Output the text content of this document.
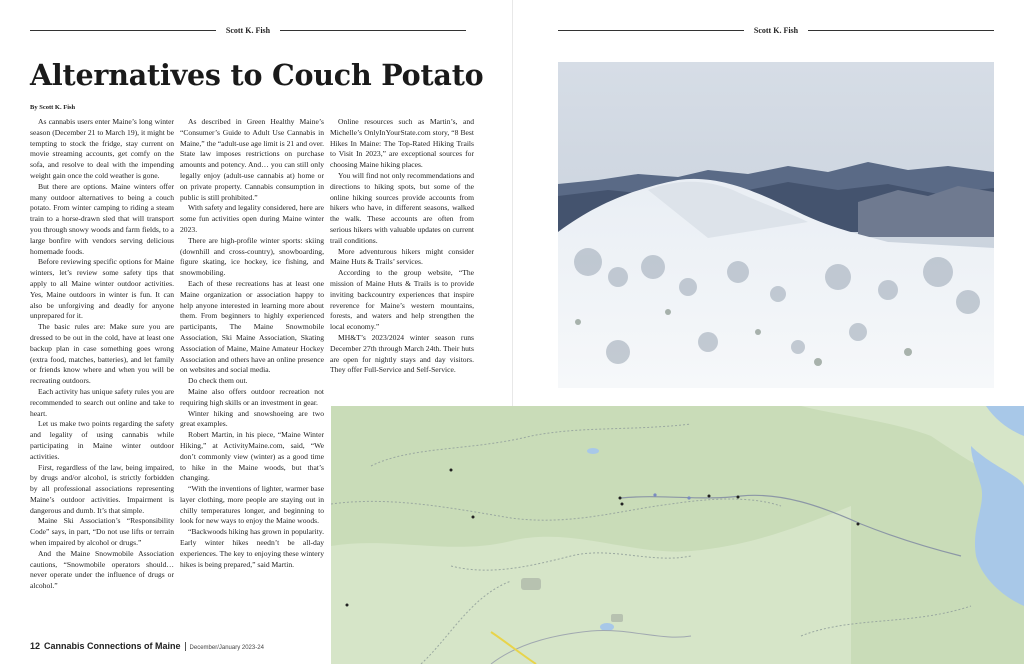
Scott K. Fish	Scott K. Fish
Alternatives to Couch Potato

By Scott K. Fish

As cannabis users enter Maine’s long winter season (December 21 to March 19), it might be tempting to stock the fridge, stay current on movie streaming accounts, get comfy on the sofa, and resolve to deal with the impending weight gain once the cold weather is gone.

But there are options. Maine winters offer many outdoor alternatives to being a couch potato. From winter camping to riding a steam train to a horse-drawn sled that will transport you through snowy woods and farm fields, to a large bonfire with vendors serving delicious homemade foods.

Before reviewing specific options for Maine winters, let’s review some safety tips that apply to all Maine winter outdoor activities. Yes, Maine outdoors in winter is fun. It can also be unforgiving and deadly for anyone unprepared for it.

The basic rules are: Make sure you are dressed to be out in the cold, have at least one backup plan in case something goes wrong (extra food, matches, batteries), and let family or friends know where and when you will be recreating outdoors.

Each activity has unique safety rules you are recommended to search out online and take to heart.

Let us make two points regarding the safety and legality of using cannabis while participating in Maine winter outdoor activities.

First, regardless of the law, being impaired, by drugs and/or alcohol, is strictly forbidden by all professional associations representing Maine’s outdoor activities. Impairment is dangerous and dumb. It’s that simple.

Maine Ski Association’s “Responsibility Code” says, in part, “Do not use lifts or terrain when impaired by alcohol or drugs.”

And the Maine Snowmobile Association cautions, “Snowmobile operators should… never operate under the influence of drugs or alcohol.”

As described in Green Healthy Maine’s “Consumer’s Guide to Adult Use Cannabis in Maine,” the “adult-use age limit is 21 and over. State law imposes restrictions on purchase amounts and potency. And… you can still only legally enjoy (adult-use cannabis at) home or on private property. Cannabis consumption in public is still prohibited.”

With safety and legality considered, here are some fun activities open during Maine winter 2023.

There are high-profile winter sports: skiing (downhill and cross-country), snowboarding, figure skating, ice hockey, ice fishing, and snowmobiling.

Each of these recreations has at least one Maine organization or association happy to help anyone interested in learning more about them. From beginners to highly experienced participants, The Maine Snowmobile Association, Ski Maine Association, Skating Association of Maine, Maine Amateur Hockey Association and others have an online presence on websites and social media.

Do check them out.

Maine also offers outdoor recreation not requiring high skills or an investment in gear.

Winter hiking and snowshoeing are two great examples.

Robert Martin, in his piece, “Maine Winter Hiking,” at ActivityMaine.com, said, “We don’t commonly view (winter) as a good time to hike in the Maine woods, but that’s changing.

“With the inventions of lighter, warmer base layer clothing, more people are staying out in chilly temperatures longer, and beginning to look for new ways to enjoy the Maine woods.

“Backwoods hiking has grown in popularity. Early winter hikes needn’t be all-day experiences. The key to enjoying these wintery hikes is being prepared,” said Martin.

Online resources such as Martin’s, and Michelle’s OnlyInYourState.com story, “8 Best Hikes In Maine: The Top-Rated Hiking Trails to Visit In 2023,” are exceptional sources for choosing Maine hiking places.

You will find not only recommendations and directions to hiking spots, but some of the online hiking sources provide accounts from hikers who have, in different seasons, walked the walk. These accounts are often from serious hikers with valuable updates on current trail conditions.

More adventurous hikers might consider Maine Huts & Trails’ services.

According to the group website, “The mission of Maine Huts & Trails is to provide inviting backcountry experiences that inspire reverence for Maine’s western mountains, forests, and waters and help strengthen the local economy.”

MH&T’s 2023/2024 winter season runs December 27th through March 24th. Their huts are open for nightly stays and day visitors. They offer Full-Service and Self-Service.

12 Cannabis Connections of Maine December/January 2023-24
